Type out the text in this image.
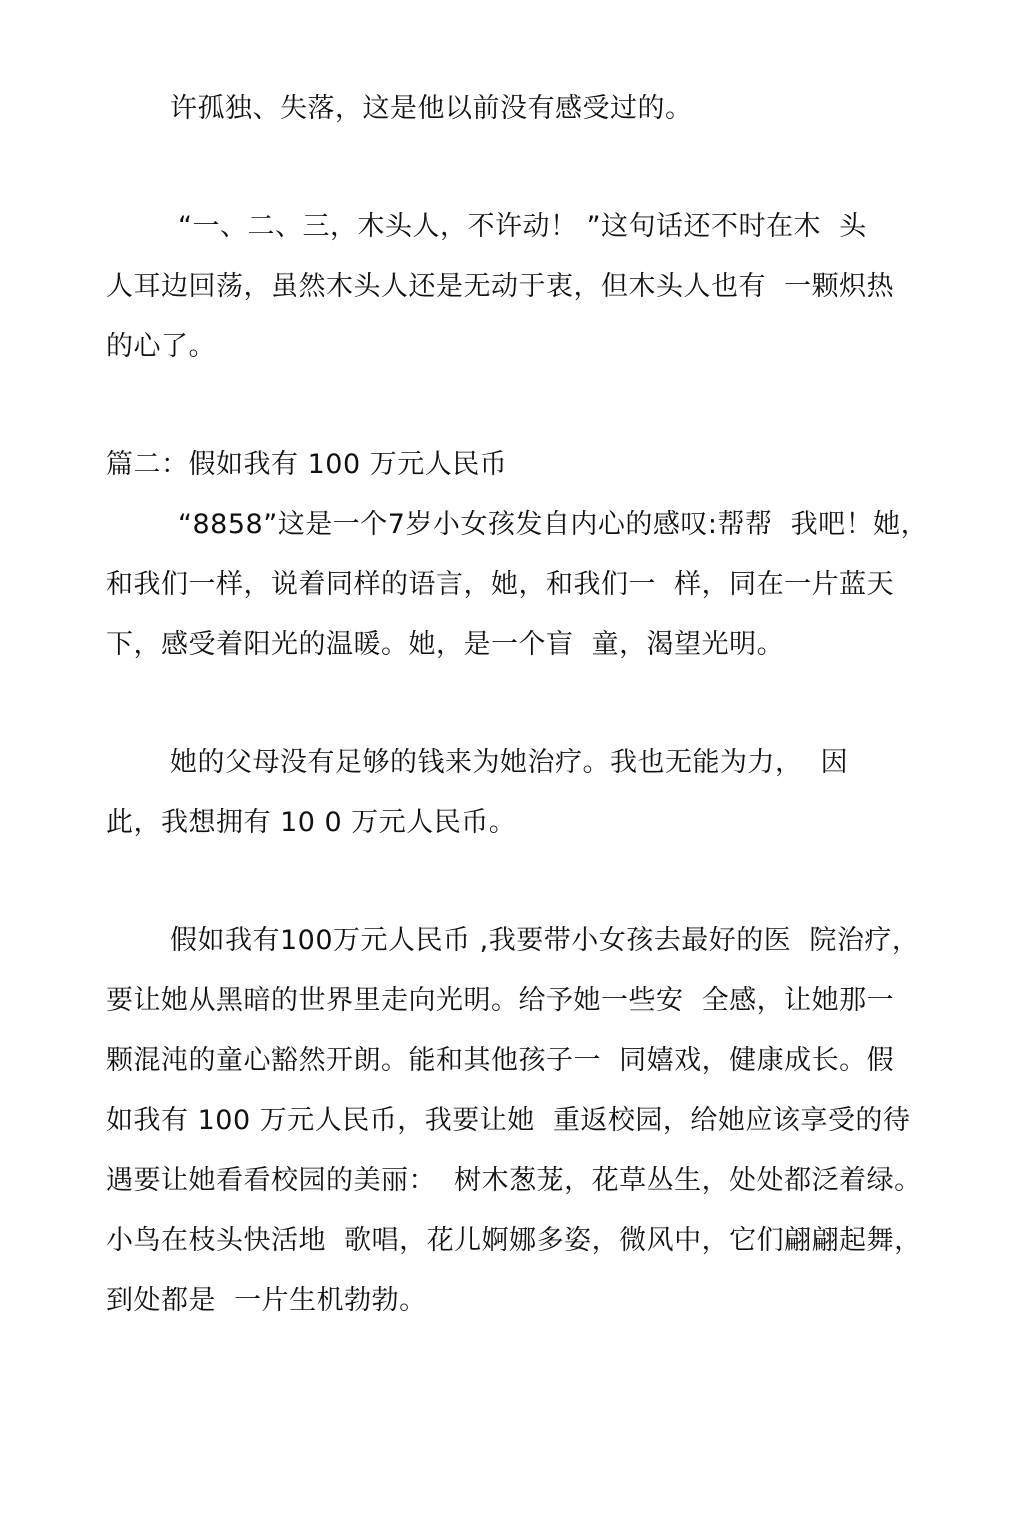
许孤独、失落，这是他以前没有感受过的。
“一、二、三，木头人，不许动！ ”这句话还不时在木  头
人耳边回荡，虽然木头人还是无动于衷，但木头人也有  一颗炽热
的心了。
篇二：假如我有 100 万元人民币
“8858”这是一个7岁小女孩发自内心的感叹:帮帮  我吧！她，
和我们一样，说着同样的语言，她，和我们一  样，同在一片蓝天
下，感受着阳光的温暖。她，是一个盲  童，渴望光明。
她的父母没有足够的钱来为她治疗。我也无能为力，  因
此，我想拥有 10 0 万元人民币。
假如我有100万元人民币 ,我要带小女孩去最好的医  院治疗，
要让她从黑暗的世界里走向光明。给予她一些安  全感，让她那一
颗混沌的童心豁然开朗。能和其他孩子一  同嬉戏，健康成长。假
如我有 100 万元人民币，我要让她  重返校园，给她应该享受的待
遇要让她看看校园的美丽：  树木葱茏，花草丛生，处处都泛着绿。
小鸟在枝头快活地  歌唱，花儿婀娜多姿，微风中，它们翩翩起舞，
到处都是  一片生机勃勃。
